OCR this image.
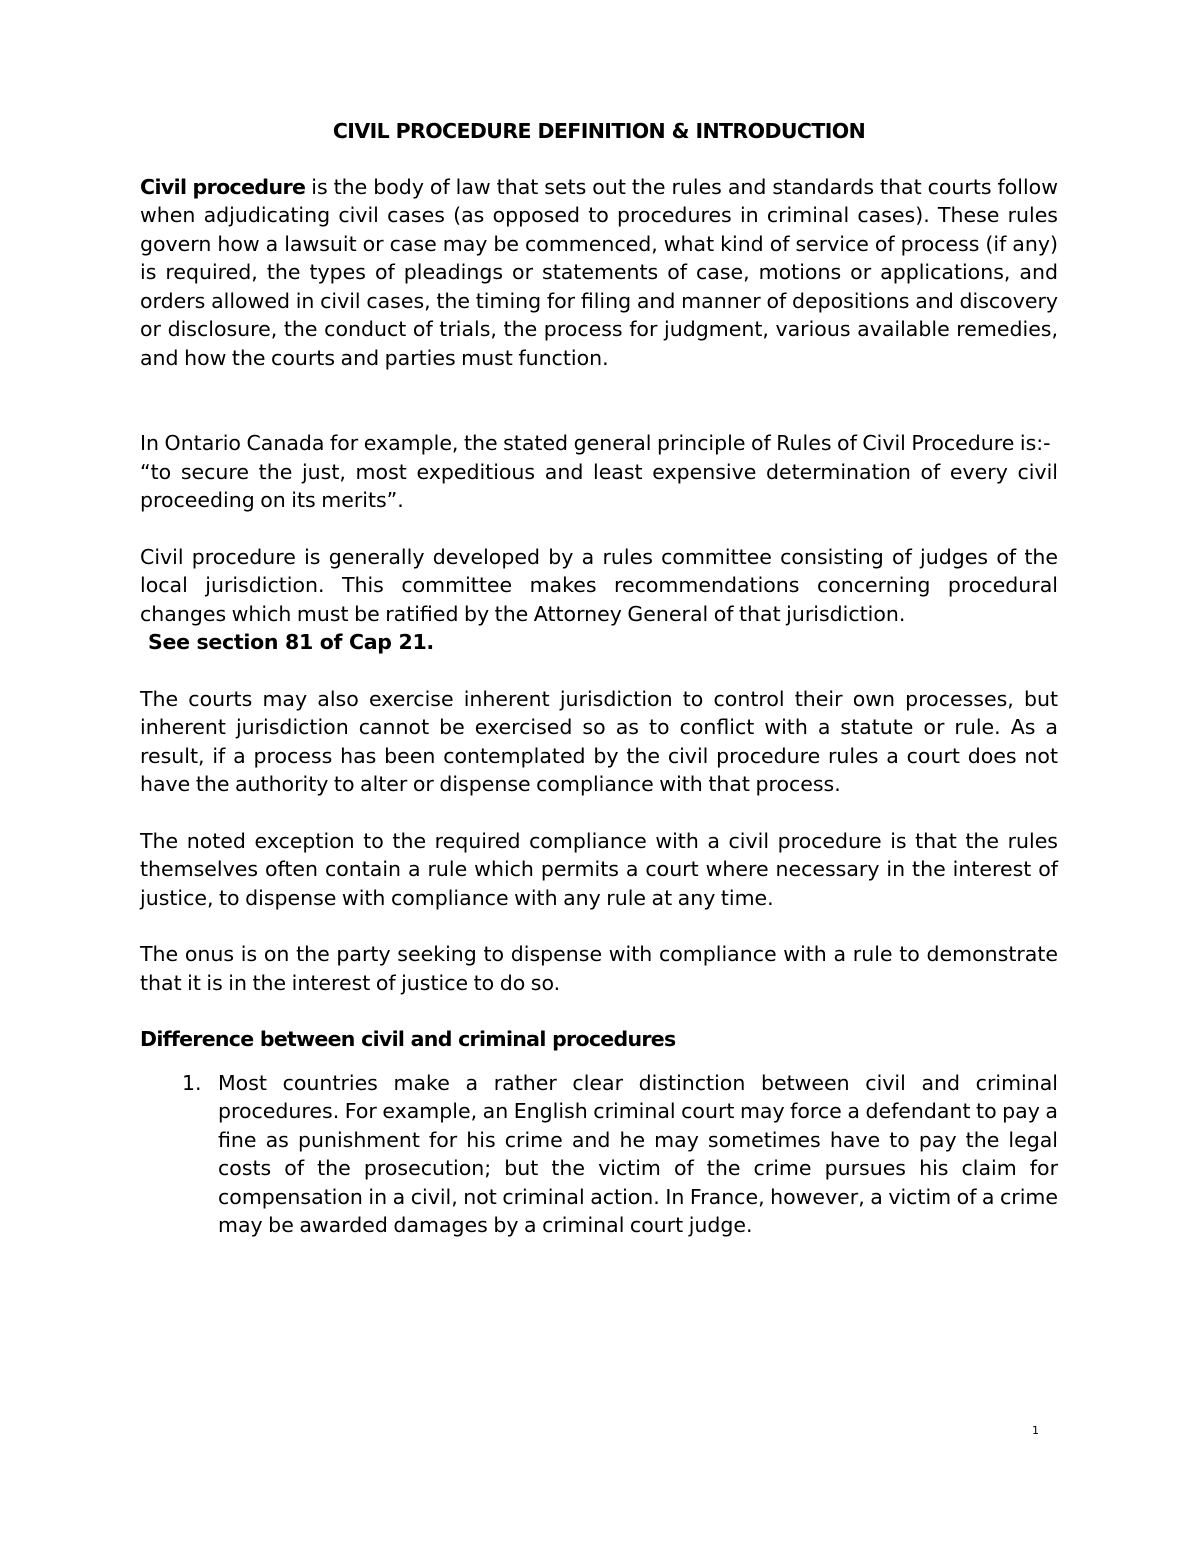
CIVIL PROCEDURE DEFINITION & INTRODUCTION

Civil procedure is the body of law that sets out the rules and standards that courts follow when adjudicating civil cases (as opposed to procedures in criminal cases). These rules govern how a lawsuit or case may be commenced, what kind of service of process (if any) is required, the types of pleadings or statements of case, motions or applications, and orders allowed in civil cases, the timing for filing and manner of depositions and discovery or disclosure, the conduct of trials, the process for judgment, various available remedies, and how the courts and parties must function.

In Ontario Canada for example, the stated general principle of Rules of Civil Procedure is:-

“to secure the just, most expeditious and least expensive determination of every civil proceeding on its merits”.

Civil procedure is generally developed by a rules committee consisting of judges of the local jurisdiction. This committee makes recommendations concerning procedural changes which must be ratified by the Attorney General of that jurisdiction.

See section 81 of Cap 21.

The courts may also exercise inherent jurisdiction to control their own processes, but inherent jurisdiction cannot be exercised so as to conflict with a statute or rule. As a result, if a process has been contemplated by the civil procedure rules a court does not have the authority to alter or dispense compliance with that process.

The noted exception to the required compliance with a civil procedure is that the rules themselves often contain a rule which permits a court where necessary in the interest of justice, to dispense with compliance with any rule at any time.

The onus is on the party seeking to dispense with compliance with a rule to demonstrate that it is in the interest of justice to do so.

Difference between civil and criminal procedures
1. Most countries make a rather clear distinction between civil and criminal procedures. For example, an English criminal court may force a defendant to pay a fine as punishment for his crime and he may sometimes have to pay the legal costs of the prosecution; but the victim of the crime pursues his claim for compensation in a civil, not criminal action. In France, however, a victim of a crime may be awarded damages by a criminal court judge.
1
